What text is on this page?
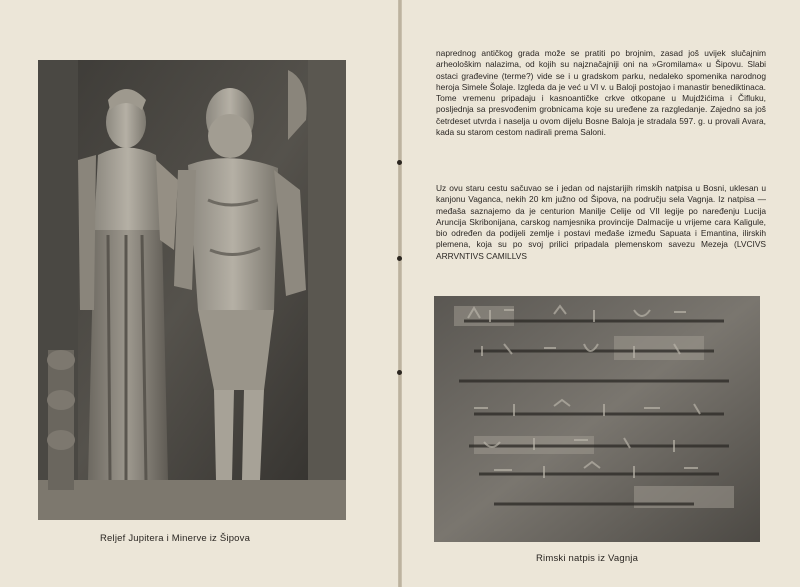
Reljef Jupitera i Minerve iz Šipova
naprednog antičkog grada može se pratiti po brojnim, zasad još uvijek slučajnim arheološkim nalazima, od kojih su najznačajniji oni na »Gromilama« u Šipovu. Slabi ostaci građevine (terme?) vide se i u gradskom parku, nedaleko spomenika narodnog heroja Simele Šolaje. Izgleda da je već u VI v. u Baloji postojao i manastir benediktinaca. Tome vremenu pripadaju i kasnoantičke crkve otkopane u Mujdžićima i Čifluku, posljednja sa presvođenim grobnicama koje su uređene za razgledanje. Zajedno sa još četrdeset utvrda i naselja u ovom dijelu Bosne Baloja je stradala 597. g. u provali Avara, kada su starom cestom nadirali prema Saloni.
Uz ovu staru cestu sačuvao se i jedan od najstarijih rimskih natpisa u Bosni, uklesan u kanjonu Vaganca, nekih 20 km južno od Šipova, na području sela Vagnja. Iz natpisa — međaša saznajemo da je centurion Manilje Celije od VII legije po naređenju Lucija Aruncija Skribonijana, carskog namjesnika provincije Dalmacije u vrijeme cara Kaligule, bio određen da podijeli zemlje i postavi međaše između Sapuata i Emantina, ilirskih plemena, koja su po svoj prilici pripadala plemenskom savezu Mezeja (LVCIVS ARRVNTIVS CAMILLVS
Rimski natpis iz Vagnja
